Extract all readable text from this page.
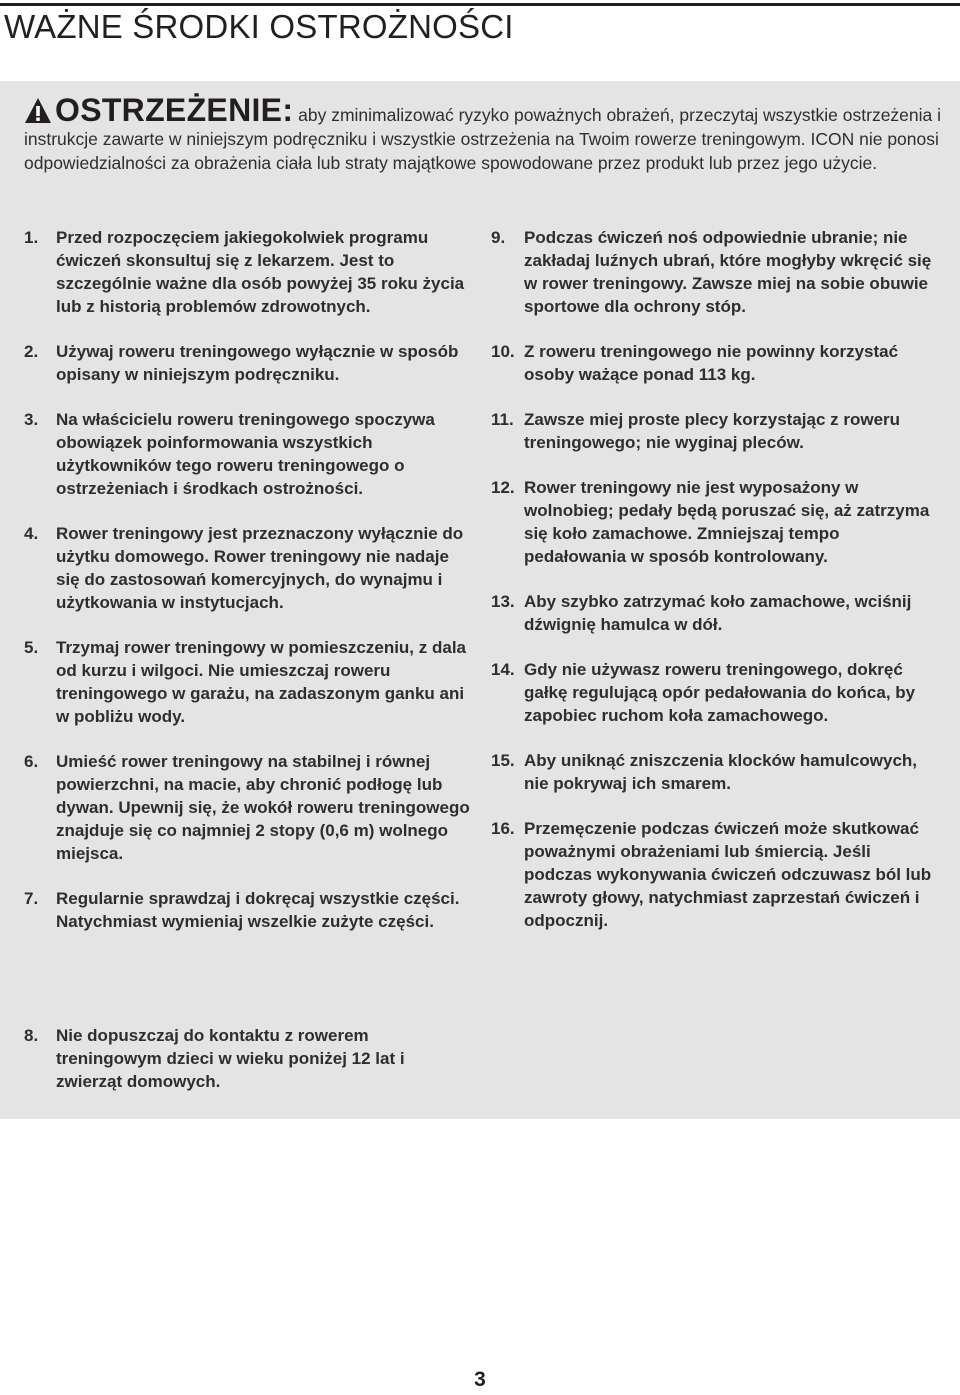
WAŻNE ŚRODKI OSTROŻNOŚCI

OSTRZEŻENIE: aby zminimalizować ryzyko poważnych obrażeń, przeczytaj wszystkie ostrzeżenia i instrukcje zawarte w niniejszym podręczniku i wszystkie ostrzeżenia na Twoim rowerze treningowym. ICON nie ponosi odpowiedzialności za obrażenia ciała lub straty majątkowe spowodowane przez produkt lub przez jego użycie.

1.	Przed rozpoczęciem jakiegokolwiek programu ćwiczeń skonsultuj się z lekarzem. Jest to szczególnie ważne dla osób powyżej 35 roku życia lub z historią problemów zdrowotnych.
2.	Używaj roweru treningowego wyłącznie w sposób opisany w niniejszym podręczniku.
3.	Na właścicielu roweru treningowego spoczywa obowiązek poinformowania wszystkich użytkowników tego roweru treningowego o ostrzeżeniach i środkach ostrożności.
4.	Rower treningowy jest przeznaczony wyłącznie do użytku domowego. Rower treningowy nie nadaje się do zastosowań komercyjnych, do wynajmu i użytkowania w instytucjach.
5.	Trzymaj rower treningowy w pomieszczeniu, z dala od kurzu i wilgoci. Nie umieszczaj roweru treningowego w garażu, na zadaszonym ganku ani w pobliżu wody.
6.	Umieść rower treningowy na stabilnej i równej powierzchni, na macie, aby chronić podłogę lub dywan. Upewnij się, że wokół roweru treningowego znajduje się co najmniej 2 stopy (0,6 m) wolnego miejsca.
7.	Regularnie sprawdzaj i dokręcaj wszystkie części. Natychmiast wymieniaj wszelkie zużyte części.
8.	Nie dopuszczaj do kontaktu z rowerem treningowym dzieci w wieku poniżej 12 lat i zwierząt domowych.
9.	Podczas ćwiczeń noś odpowiednie ubranie; nie zakładaj luźnych ubrań, które mogłyby wkręcić się w rower treningowy. Zawsze miej na sobie obuwie sportowe dla ochrony stóp.
10. Z roweru treningowego nie powinny korzystać osoby ważące ponad 113 kg.
11. Zawsze miej proste plecy korzystając z roweru treningowego; nie wyginaj pleców.
12. Rower treningowy nie jest wyposażony w wolnobieg; pedały będą poruszać się, aż zatrzyma się koło zamachowe. Zmniejszaj tempo pedałowania w sposób kontrolowany.
13. Aby szybko zatrzymać koło zamachowe, wciśnij dźwignię hamulca w dół.
14. Gdy nie używasz roweru treningowego, dokręć gałkę regulującą opór pedałowania do końca, by zapobiec ruchom koła zamachowego.
15. Aby uniknąć zniszczenia klocków hamulcowych, nie pokrywaj ich smarem.
16. Przemęczenie podczas ćwiczeń może skutkować poważnymi obrażeniami lub śmiercią. Jeśli podczas wykonywania ćwiczeń odczuwasz ból lub zawroty głowy, natychmiast zaprzestań ćwiczeń i odpocznij.
3
